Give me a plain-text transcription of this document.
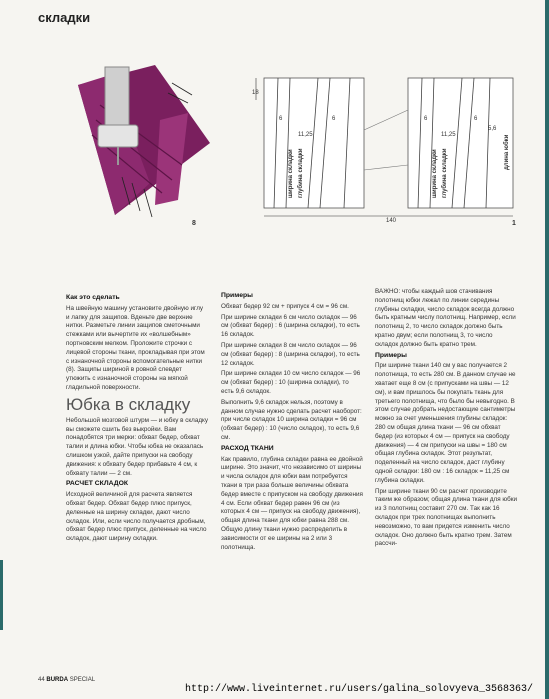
складки
8
18
6
11,25
6	6
11,25
6
5,6
140	1
ширина складки глубина складки	ширина складки глубина складки	длина юбки

Как это сделать

На швейную машину установите двойную иглу и лапку для защипов. Вденьте две верхние нитки. Разметьте линии защипов сметочными стежками или вычертите их «волшебным» портновским мелком. Проложите строчки с лицевой стороны ткани, прокладывая при этом с изнаночной стороны вспомогательные нитки (8). Защипы шириной в ровной слевдет утюжить с изнаночной стороны на мягкой гладильной поверхности.

Юбка в складку

Небольшой мозговой штурм — и юбку в складку вы сможете сшить без выкройки. Вам понадобятся три мерки: обхват бедер, обхват талии и длина юбки. Чтобы юбка не оказалась слишком узкой, дайте припуски на свободу движения: к обхвату бедер прибавьте 4 см, к обхвату талии — 2 см.

РАСЧЕТ СКЛАДОК

Исходной величиной для расчета является обхват бедер. Обхват бедер плюс припуск, деленные на ширину складки, дают число складок. Или, если число получается дробным, обхват бедер плюс припуск, деленные на число складок, дают ширину складки.

Примеры

Обхват бедер 92 см + припуск 4 см = 96 см.

При ширине складки 6 см число складок — 96 см (обхват бедер) : 6 (ширина складки), то есть 16 складок.

При ширине складки 8 см число складок — 96 см (обхват бедер) : 8 (ширина складки), то есть 12 складок.

При ширине складки 10 см число складок — 96 см (обхват бедер) : 10 (ширина складки), то есть 9,6 складок.

Выполнить 9,6 складок нельзя, поэтому в данном случае нужно сделать расчет наоборот: при числе складок 10 ширина складки = 96 см (обхват бедер) : 10 (число складок), то есть 9,6 см.

РАСХОД ТКАНИ

Как правило, глубина складки равна ее двойной ширине. Это значит, что независимо от ширины и числа складок для юбки вам потребуется ткани в три раза больше величины обхвата бедер вместе с припуском на свободу движения 4 см. Если обхват бедер равен 96 см (из которых 4 см — припуск на свободу движения), общая длина ткани для юбки равна 288 см. Общую длину ткани нужно распределить в зависимости от ее ширины на 2 или 3 полотнища.

ВАЖНО: чтобы каждый шов стачивания полотнищ юбки лежал по линии середины глубины складки, число складок всегда должно быть кратным числу полотнищ. Например, если полотнищ 2, то число складок должно быть кратно двум; если полотнищ 3, то число складок должно быть кратно трем.

Примеры

При ширине ткани 140 см у вас получается 2 полотнища, то есть 280 см. В данном случае не хватает еще 8 см (с припусками на швы — 12 см), и вам пришлось бы покупать ткань для третьего полотнища, что было бы невыгодно. В этом случае добрать недостающие сантиметры можно за счет уменьшения глубины складок: 280 см общая длина ткани — 96 см обхват бедер (из которых 4 см — припуск на свободу движения) — 4 см припуски на швы = 180 см общая глубина складок. Этот результат, поделенный на число складок, даст глубину одной складки: 180 см : 16 складок = 11,25 см глубина складки.

При ширине ткани 90 см расчет производите таким же образом; общая длина ткани для юбки из 3 полотнищ составит 270 см. Так как 16 складок при трех полотнищах выполнить невозможно, то вам придется изменить число складок. Оно должно быть кратно трем. Затем рассчи-

44 BURDA SPECIAL
http://www.liveinternet.ru/users/galina_solovyeva_3568363/
